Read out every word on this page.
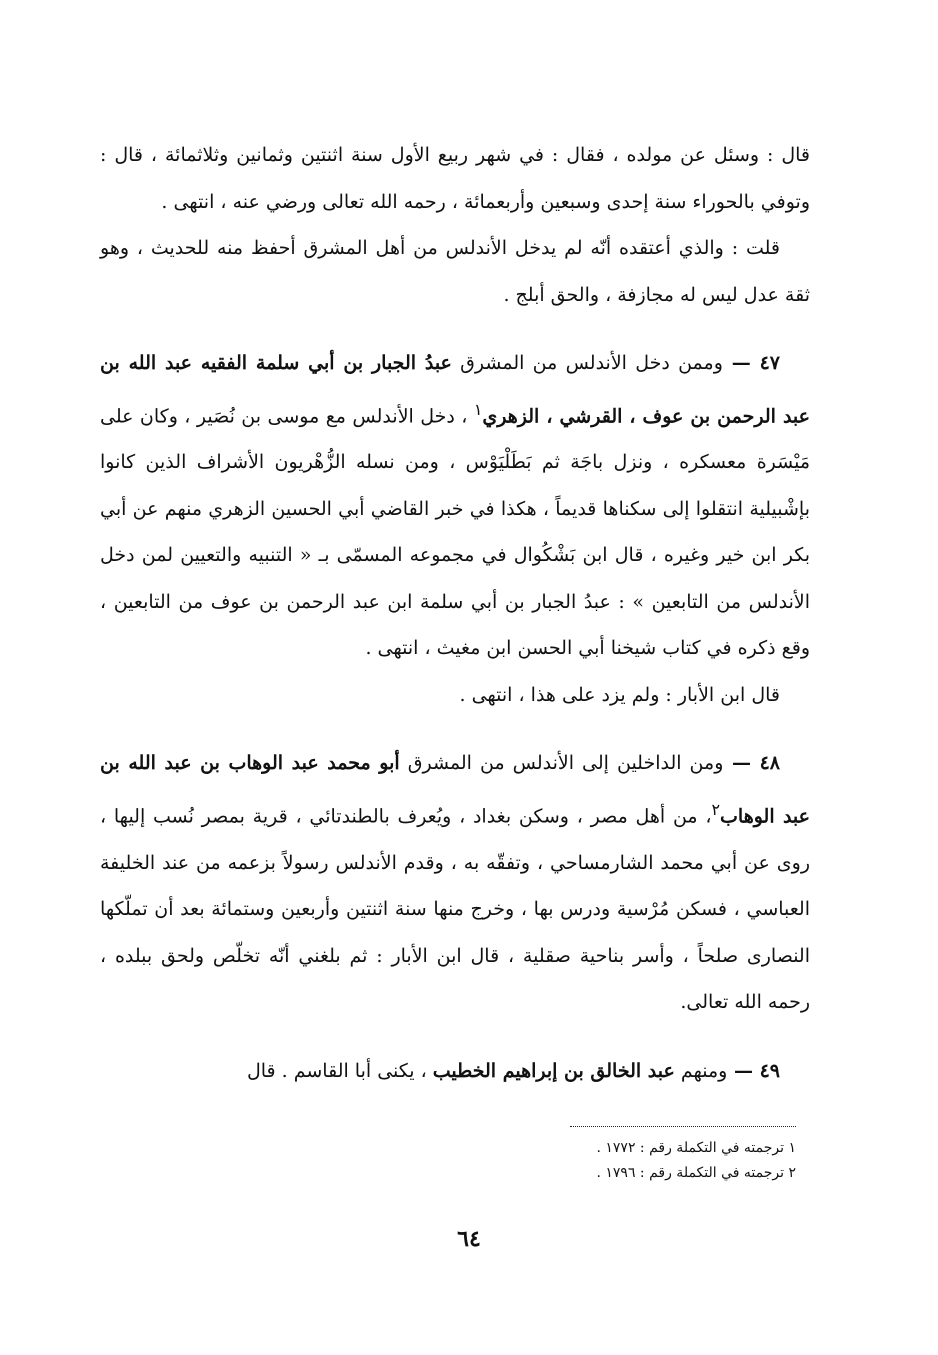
قال : وسئل عن مولده ، فقال : في شهر ربيع الأول سنة اثنتين وثمانين وثلاثمائة ، قال : وتوفي بالحوراء سنة إحدى وسبعين وأربعمائة ، رحمه الله تعالى ورضي عنه ، انتهى .

قلت : والذي أعتقده أنّه لم يدخل الأندلس من أهل المشرق أحفظ منه للحديث ، وهو ثقة عدل ليس له مجازفة ، والحق أبلج .

٤٧ — وممن دخل الأندلس من المشرق عبدُ الجبار بن أبي سلمة الفقيه عبد الله بن عبد الرحمن بن عوف ، القرشي ، الزهري$^١$ ، دخل الأندلس مع موسى بن نُصَير ، وكان على مَيْسَرة معسكره ، ونزل باجَة ثم بَطَلْيَوْس ، ومن نسله الزُّهْريون الأشراف الذين كانوا بإشْبيلية انتقلوا إلى سكناها قديماً ، هكذا في خبر القاضي أبي الحسين الزهري منهم عن أبي بكر ابن خير وغيره ، قال ابن بَشْكُوال في مجموعه المسمّى بـ « التنبيه والتعيين لمن دخل الأندلس من التابعين » : عبدُ الجبار بن أبي سلمة ابن عبد الرحمن بن عوف من التابعين ، وقع ذكره في كتاب شيخنا أبي الحسن ابن مغيث ، انتهى .

قال ابن الأبار : ولم يزد على هذا ، انتهى .

٤٨ — ومن الداخلين إلى الأندلس من المشرق أبو محمد عبد الوهاب بن عبد الله بن عبد الوهاب$^٢$، من أهل مصر ، وسكن بغداد ، ويُعرف بالطندتائي ، قرية بمصر نُسب إليها ، روى عن أبي محمد الشارمساحي ، وتفقّه به ، وقدم الأندلس رسولاً بزعمه من عند الخليفة العباسي ، فسكن مُرْسية ودرس بها ، وخرج منها سنة اثنتين وأربعين وستمائة بعد أن تملّكها النصارى صلحاً ، وأسر بناحية صقلية ، قال ابن الأبار : ثم بلغني أنّه تخلّص ولحق ببلده ، رحمه الله تعالى.

٤٩ — ومنهم عبد الخالق بن إبراهيم الخطيب ، يكنى أبا القاسم . قال

١ ترجمته في التكملة رقم : ١٧٧٢ .
٢ ترجمته في التكملة رقم : ١٧٩٦ .
٦٤
